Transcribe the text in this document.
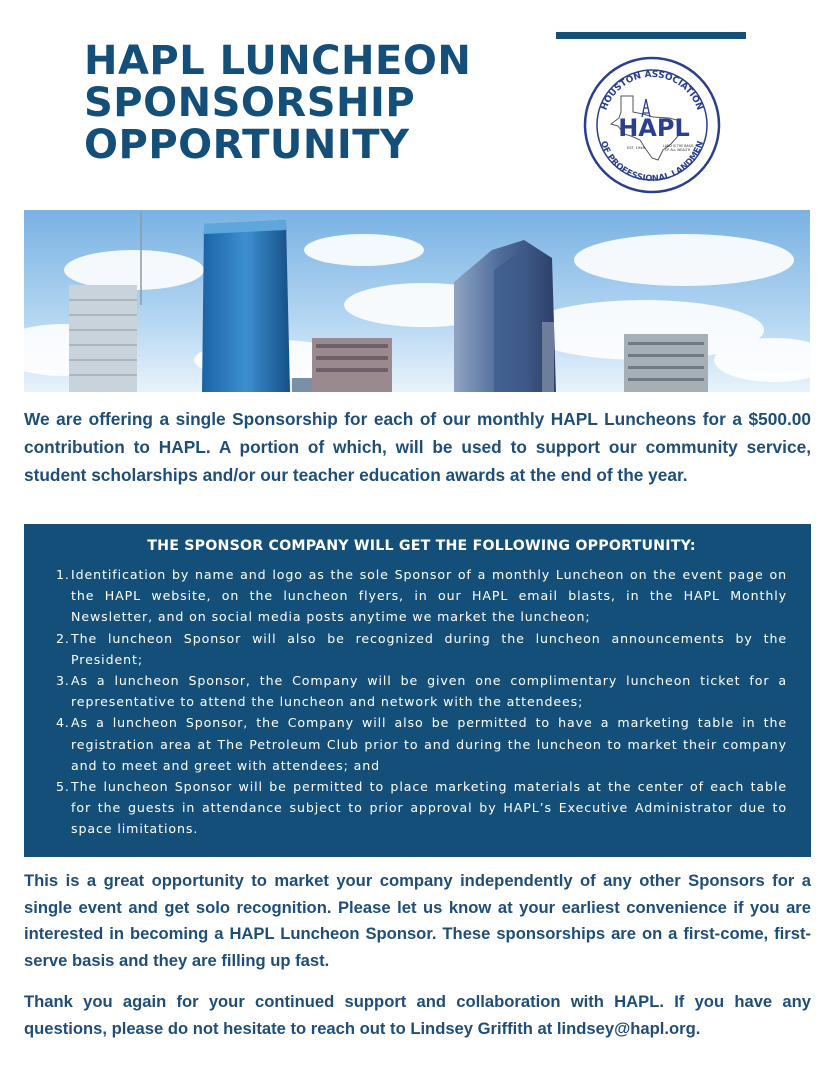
HAPL LUNCHEON
SPONSORSHIP
OPPORTUNITY
HOUSTON ASSOCIATION
OF PROFESSIONAL LANDMEN
HAPL
EST. 1946	LAND IS THE BASIS
OF ALL WEALTH

We are offering a single Sponsorship for each of our monthly HAPL Luncheons for a $500.00 contribution to HAPL. A portion of which, will be used to support our community service, student scholarships and/or our teacher education awards at the end of the year.

THE SPONSOR COMPANY WILL GET THE FOLLOWING OPPORTUNITY:
1. Identification by name and logo as the sole Sponsor of a monthly Luncheon on the event page on the HAPL website, on the luncheon flyers, in our HAPL email blasts, in the HAPL Monthly Newsletter, and on social media posts anytime we market the luncheon;
2. The luncheon Sponsor will also be recognized during the luncheon announcements by the President;
3. As a luncheon Sponsor, the Company will be given one complimentary luncheon ticket for a representative to attend the luncheon and network with the attendees;
4. As a luncheon Sponsor, the Company will also be permitted to have a marketing table in the registration area at The Petroleum Club prior to and during the luncheon to market their company and to meet and greet with attendees; and
5. The luncheon Sponsor will be permitted to place marketing materials at the center of each table for the guests in attendance subject to prior approval by HAPL’s Executive Administrator due to space limitations.

This is a great opportunity to market your company independently of any other Sponsors for a single event and get solo recognition. Please let us know at your earliest convenience if you are interested in becoming a HAPL Luncheon Sponsor. These sponsorships are on a first-come, first-serve basis and they are filling up fast.

Thank you again for your continued support and collaboration with HAPL. If you have any questions, please do not hesitate to reach out to Lindsey Griffith at lindsey@hapl.org.
